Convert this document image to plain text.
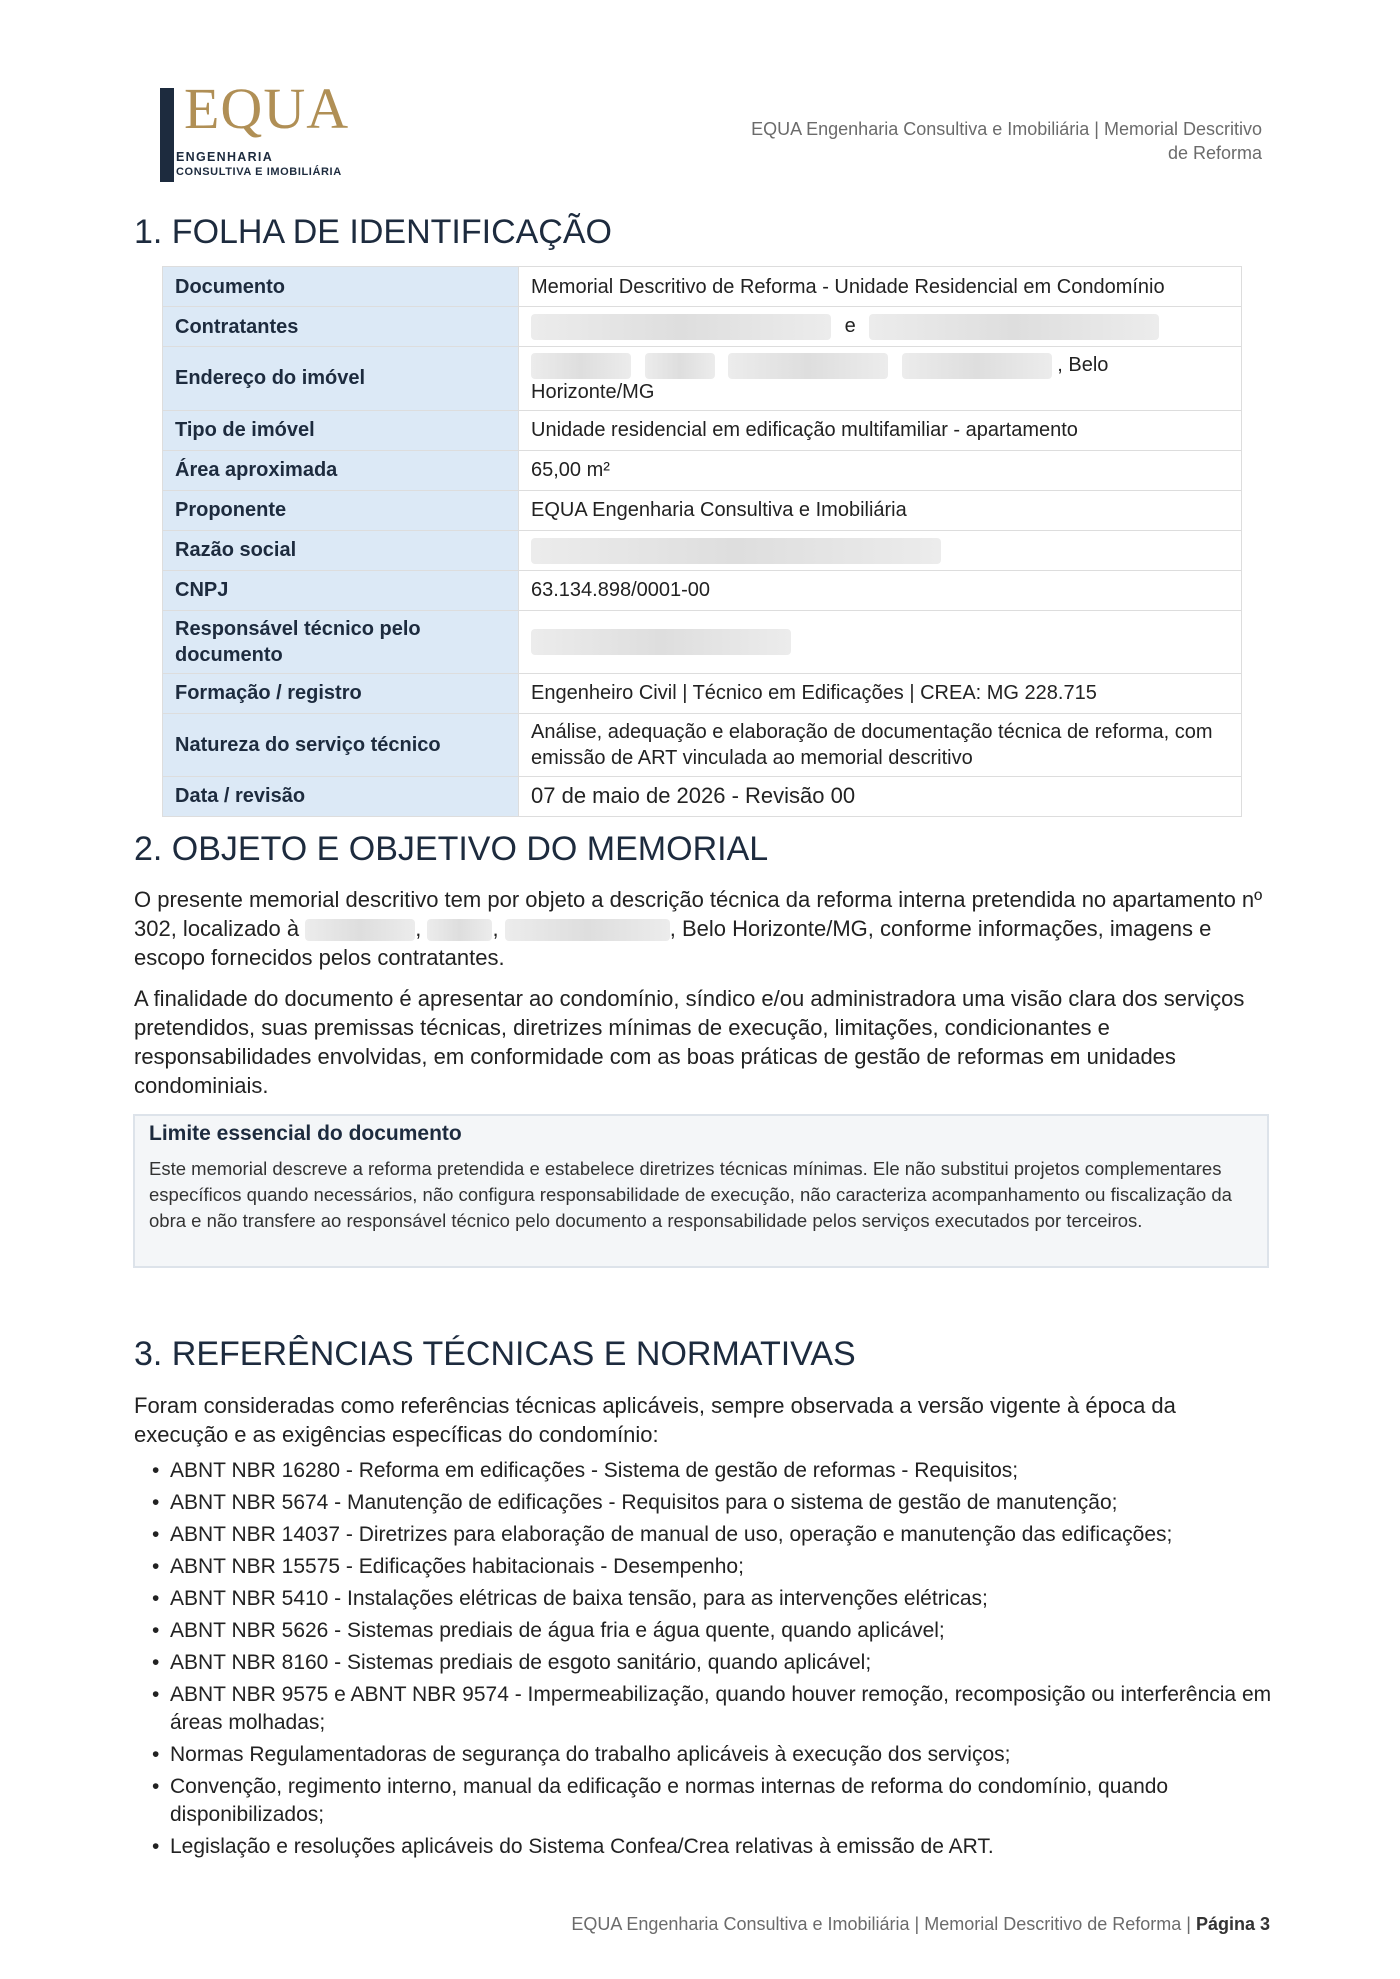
EQUA
ENGENHARIA
CONSULTIVA E IMOBILIÁRIA
EQUA Engenharia Consultiva e Imobiliária | Memorial Descritivo
de Reforma
1. FOLHA DE IDENTIFICAÇÃO
Documento	Memorial Descritivo de Reforma - Unidade Residencial em Condomínio
Contratantes	e
Endereço do imóvel	, Belo Horizonte/MG
Tipo de imóvel	Unidade residencial em edificação multifamiliar - apartamento
Área aproximada	65,00 m²
Proponente	EQUA Engenharia Consultiva e Imobiliária
Razão social	
CNPJ	63.134.898/0001-00
Responsável técnico pelo documento	
Formação / registro	Engenheiro Civil | Técnico em Edificações | CREA: MG 228.715
Natureza do serviço técnico	Análise, adequação e elaboração de documentação técnica de reforma, com emissão de ART vinculada ao memorial descritivo
Data / revisão	07 de maio de 2026 - Revisão 00
2. OBJETO E OBJETIVO DO MEMORIAL

O presente memorial descritivo tem por objeto a descrição técnica da reforma interna pretendida no apartamento nº 302, localizado à	,	,	, Belo Horizonte/MG, conforme informações, imagens e escopo fornecidos pelos contratantes.

A finalidade do documento é apresentar ao condomínio, síndico e/ou administradora uma visão clara dos serviços pretendidos, suas premissas técnicas, diretrizes mínimas de execução, limitações, condicionantes e responsabilidades envolvidas, em conformidade com as boas práticas de gestão de reformas em unidades condominiais.

Limite essencial do documento
Este memorial descreve a reforma pretendida e estabelece diretrizes técnicas mínimas. Ele não substitui projetos complementares específicos quando necessários, não configura responsabilidade de execução, não caracteriza acompanhamento ou fiscalização da obra e não transfere ao responsável técnico pelo documento a responsabilidade pelos serviços executados por terceiros.
3. REFERÊNCIAS TÉCNICAS E NORMATIVAS

Foram consideradas como referências técnicas aplicáveis, sempre observada a versão vigente à época da execução e as exigências específicas do condomínio:

• ABNT NBR 16280 - Reforma em edificações - Sistema de gestão de reformas - Requisitos;
• ABNT NBR 5674 - Manutenção de edificações - Requisitos para o sistema de gestão de manutenção;
• ABNT NBR 14037 - Diretrizes para elaboração de manual de uso, operação e manutenção das edificações;
• ABNT NBR 15575 - Edificações habitacionais - Desempenho;
• ABNT NBR 5410 - Instalações elétricas de baixa tensão, para as intervenções elétricas;
• ABNT NBR 5626 - Sistemas prediais de água fria e água quente, quando aplicável;
• ABNT NBR 8160 - Sistemas prediais de esgoto sanitário, quando aplicável;
• ABNT NBR 9575 e ABNT NBR 9574 - Impermeabilização, quando houver remoção, recomposição ou interferência em áreas molhadas;
• Normas Regulamentadoras de segurança do trabalho aplicáveis à execução dos serviços;
• Convenção, regimento interno, manual da edificação e normas internas de reforma do condomínio, quando disponibilizados;
• Legislação e resoluções aplicáveis do Sistema Confea/Crea relativas à emissão de ART.
EQUA Engenharia Consultiva e Imobiliária | Memorial Descritivo de Reforma | Página 3
